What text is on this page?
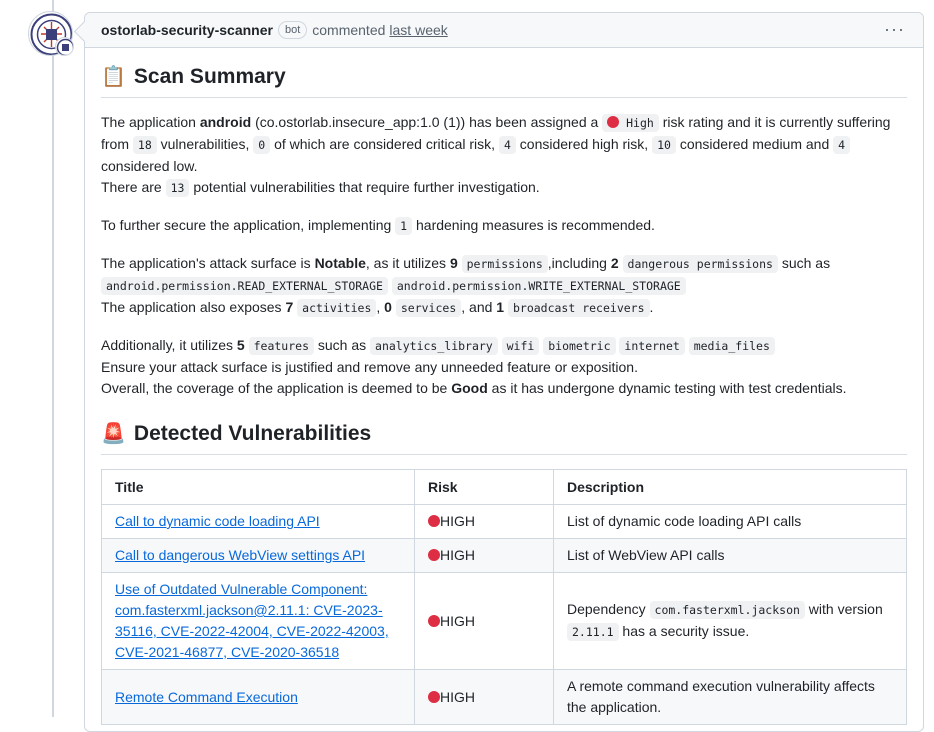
ostorlab-security-scanner	bot commented last week	···
📋 Scan Summary

The application android (co.ostorlab.insecure_app:1.0 (1)) has been assigned a  High risk rating and it is currently suffering from 18 vulnerabilities, 0 of which are considered critical risk, 4 considered high risk, 10 considered medium and 4 considered low.
There are 13 potential vulnerabilities that require further investigation.

To further secure the application, implementing 1 hardening measures is recommended.

The application's attack surface is Notable, as it utilizes 9 permissions ,including 2 dangerous permissions such as
android.permission.READ_EXTERNAL_STORAGE android.permission.WRITE_EXTERNAL_STORAGE
The application also exposes 7 activities , 0 services , and 1 broadcast receivers .

Additionally, it utilizes 5 features such as analytics_library wifi biometric internet media_files
Ensure your attack surface is justified and remove any unneeded feature or exposition.
Overall, the coverage of the application is deemed to be Good as it has undergone dynamic testing with test credentials.

🚨 Detected Vulnerabilities
Title	Risk	Description
Call to dynamic code loading API	HIGH	List of dynamic code loading API calls
Call to dangerous WebView settings API	HIGH	List of WebView API calls
Use of Outdated Vulnerable Component: com.fasterxml.jackson@2.11.1: CVE-2023-35116, CVE-2022-42004, CVE-2022-42003, CVE-2021-46877, CVE-2020-36518	HIGH	Dependency com.fasterxml.jackson with version 2.11.1 has a security issue.
Remote Command Execution	HIGH	A remote command execution vulnerability affects the application.
